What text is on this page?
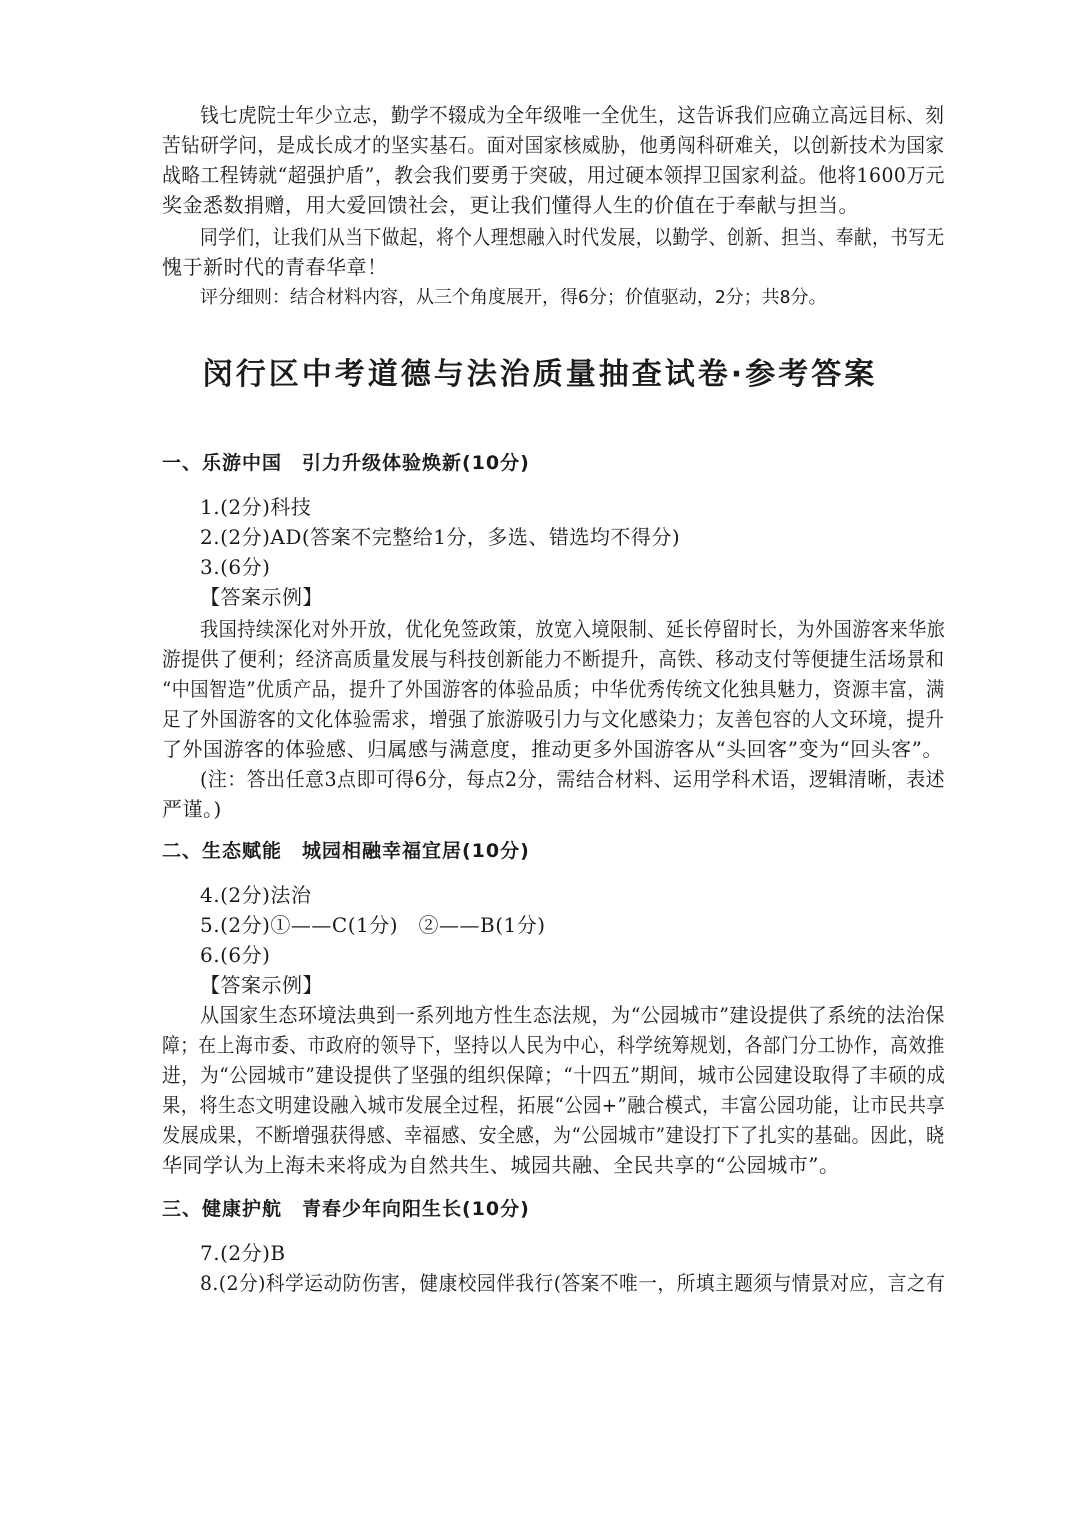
钱七虎院士年少立志，勤学不辍成为全年级唯一全优生，这告诉我们应确立高远目标、刻
苦钻研学问，是成长成才的坚实基石。面对国家核威胁，他勇闯科研难关，以创新技术为国家
战略工程铸就“超强护盾”，教会我们要勇于突破，用过硬本领捍卫国家利益。他将1600万元
奖金悉数捐赠，用大爱回馈社会，更让我们懂得人生的价值在于奉献与担当。
同学们，让我们从当下做起，将个人理想融入时代发展，以勤学、创新、担当、奉献，书写无
愧于新时代的青春华章！
评分细则：结合材料内容，从三个角度展开，得6分；价值驱动，2分；共8分。
闵行区中考道德与法治质量抽查试卷·参考答案
一、乐游中国　引力升级体验焕新(10分)
1.(2分)科技
2.(2分)AD(答案不完整给1分，多选、错选均不得分)
3.(6分)
【答案示例】
我国持续深化对外开放，优化免签政策，放宽入境限制、延长停留时长，为外国游客来华旅
游提供了便利；经济高质量发展与科技创新能力不断提升，高铁、移动支付等便捷生活场景和
“中国智造”优质产品，提升了外国游客的体验品质；中华优秀传统文化独具魅力，资源丰富，满
足了外国游客的文化体验需求，增强了旅游吸引力与文化感染力；友善包容的人文环境，提升
了外国游客的体验感、归属感与满意度，推动更多外国游客从“头回客”变为“回头客”。
(注：答出任意3点即可得6分，每点2分，需结合材料、运用学科术语，逻辑清晰，表述
严谨。)
二、生态赋能　城园相融幸福宜居(10分)
4.(2分)法治
5.(2分)①——C(1分)　②——B(1分)
6.(6分)
【答案示例】
从国家生态环境法典到一系列地方性生态法规，为“公园城市”建设提供了系统的法治保
障；在上海市委、市政府的领导下，坚持以人民为中心，科学统筹规划，各部门分工协作，高效推
进，为“公园城市”建设提供了坚强的组织保障；“十四五”期间，城市公园建设取得了丰硕的成
果，将生态文明建设融入城市发展全过程，拓展“公园+”融合模式，丰富公园功能，让市民共享
发展成果，不断增强获得感、幸福感、安全感，为“公园城市”建设打下了扎实的基础。因此，晓
华同学认为上海未来将成为自然共生、城园共融、全民共享的“公园城市”。
三、健康护航　青春少年向阳生长(10分)
7.(2分)B
8.(2分)科学运动防伤害，健康校园伴我行(答案不唯一，所填主题须与情景对应，言之有
